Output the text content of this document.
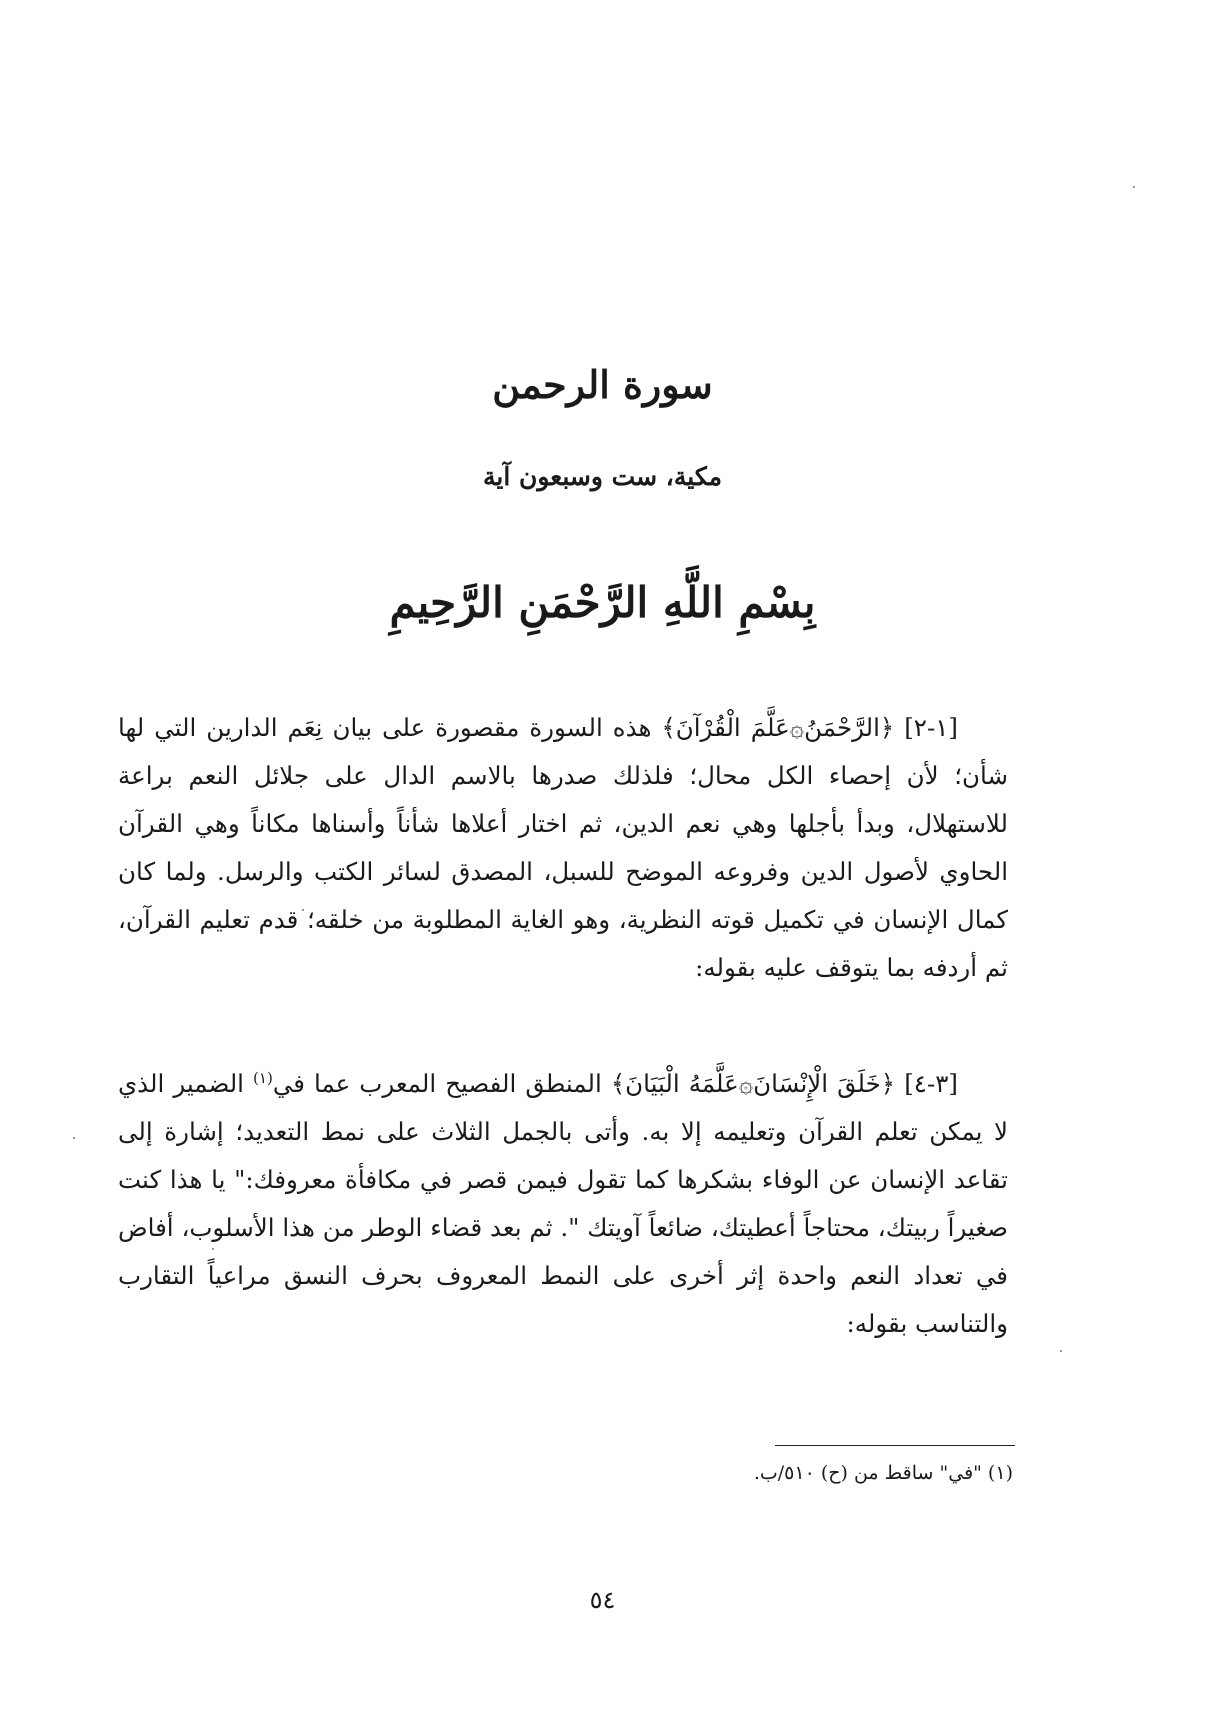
سورة الرحمن
مكية، ست وسبعون آية
بِسْمِ اللَّهِ الرَّحْمَنِ الرَّحِيمِ

[١-٢] ﴿الرَّحْمَنُ۞عَلَّمَ الْقُرْآنَ﴾ هذه السورة مقصورة على بيان نِعَم الدارين التي لها شأن؛ لأن إحصاء الكل محال؛ فلذلك صدرها بالاسم الدال على جلائل النعم براعة للاستهلال، وبدأ بأجلها وهي نعم الدين، ثم اختار أعلاها شأناً وأسناها مكاناً وهي القرآن الحاوي لأصول الدين وفروعه الموضح للسبل، المصدق لسائر الكتب والرسل. ولما كان كمال الإنسان في تكميل قوته النظرية، وهو الغاية المطلوبة من خلقه؛ قدم تعليم القرآن، ثم أردفه بما يتوقف عليه بقوله:

[٣-٤] ﴿خَلَقَ الْإِنْسَانَ۞عَلَّمَهُ الْبَيَانَ﴾ المنطق الفصيح المعرب عما في$^{(١)}$ الضمير الذي لا يمكن تعلم القرآن وتعليمه إلا به. وأتى بالجمل الثلاث على نمط التعديد؛ إشارة إلى تقاعد الإنسان عن الوفاء بشكرها كما تقول فيمن قصر في مكافأة معروفك:" يا هذا كنت صغيراً ربيتك، محتاجاً أعطيتك، ضائعاً آويتك ". ثم بعد قضاء الوطر من هذا الأسلوب، أفاض في تعداد النعم واحدة إثر أخرى على النمط المعروف بحرف النسق مراعياً التقارب والتناسب بقوله:

(١) "في" ساقط من (ح) ٥١٠/ب.
٥٤
